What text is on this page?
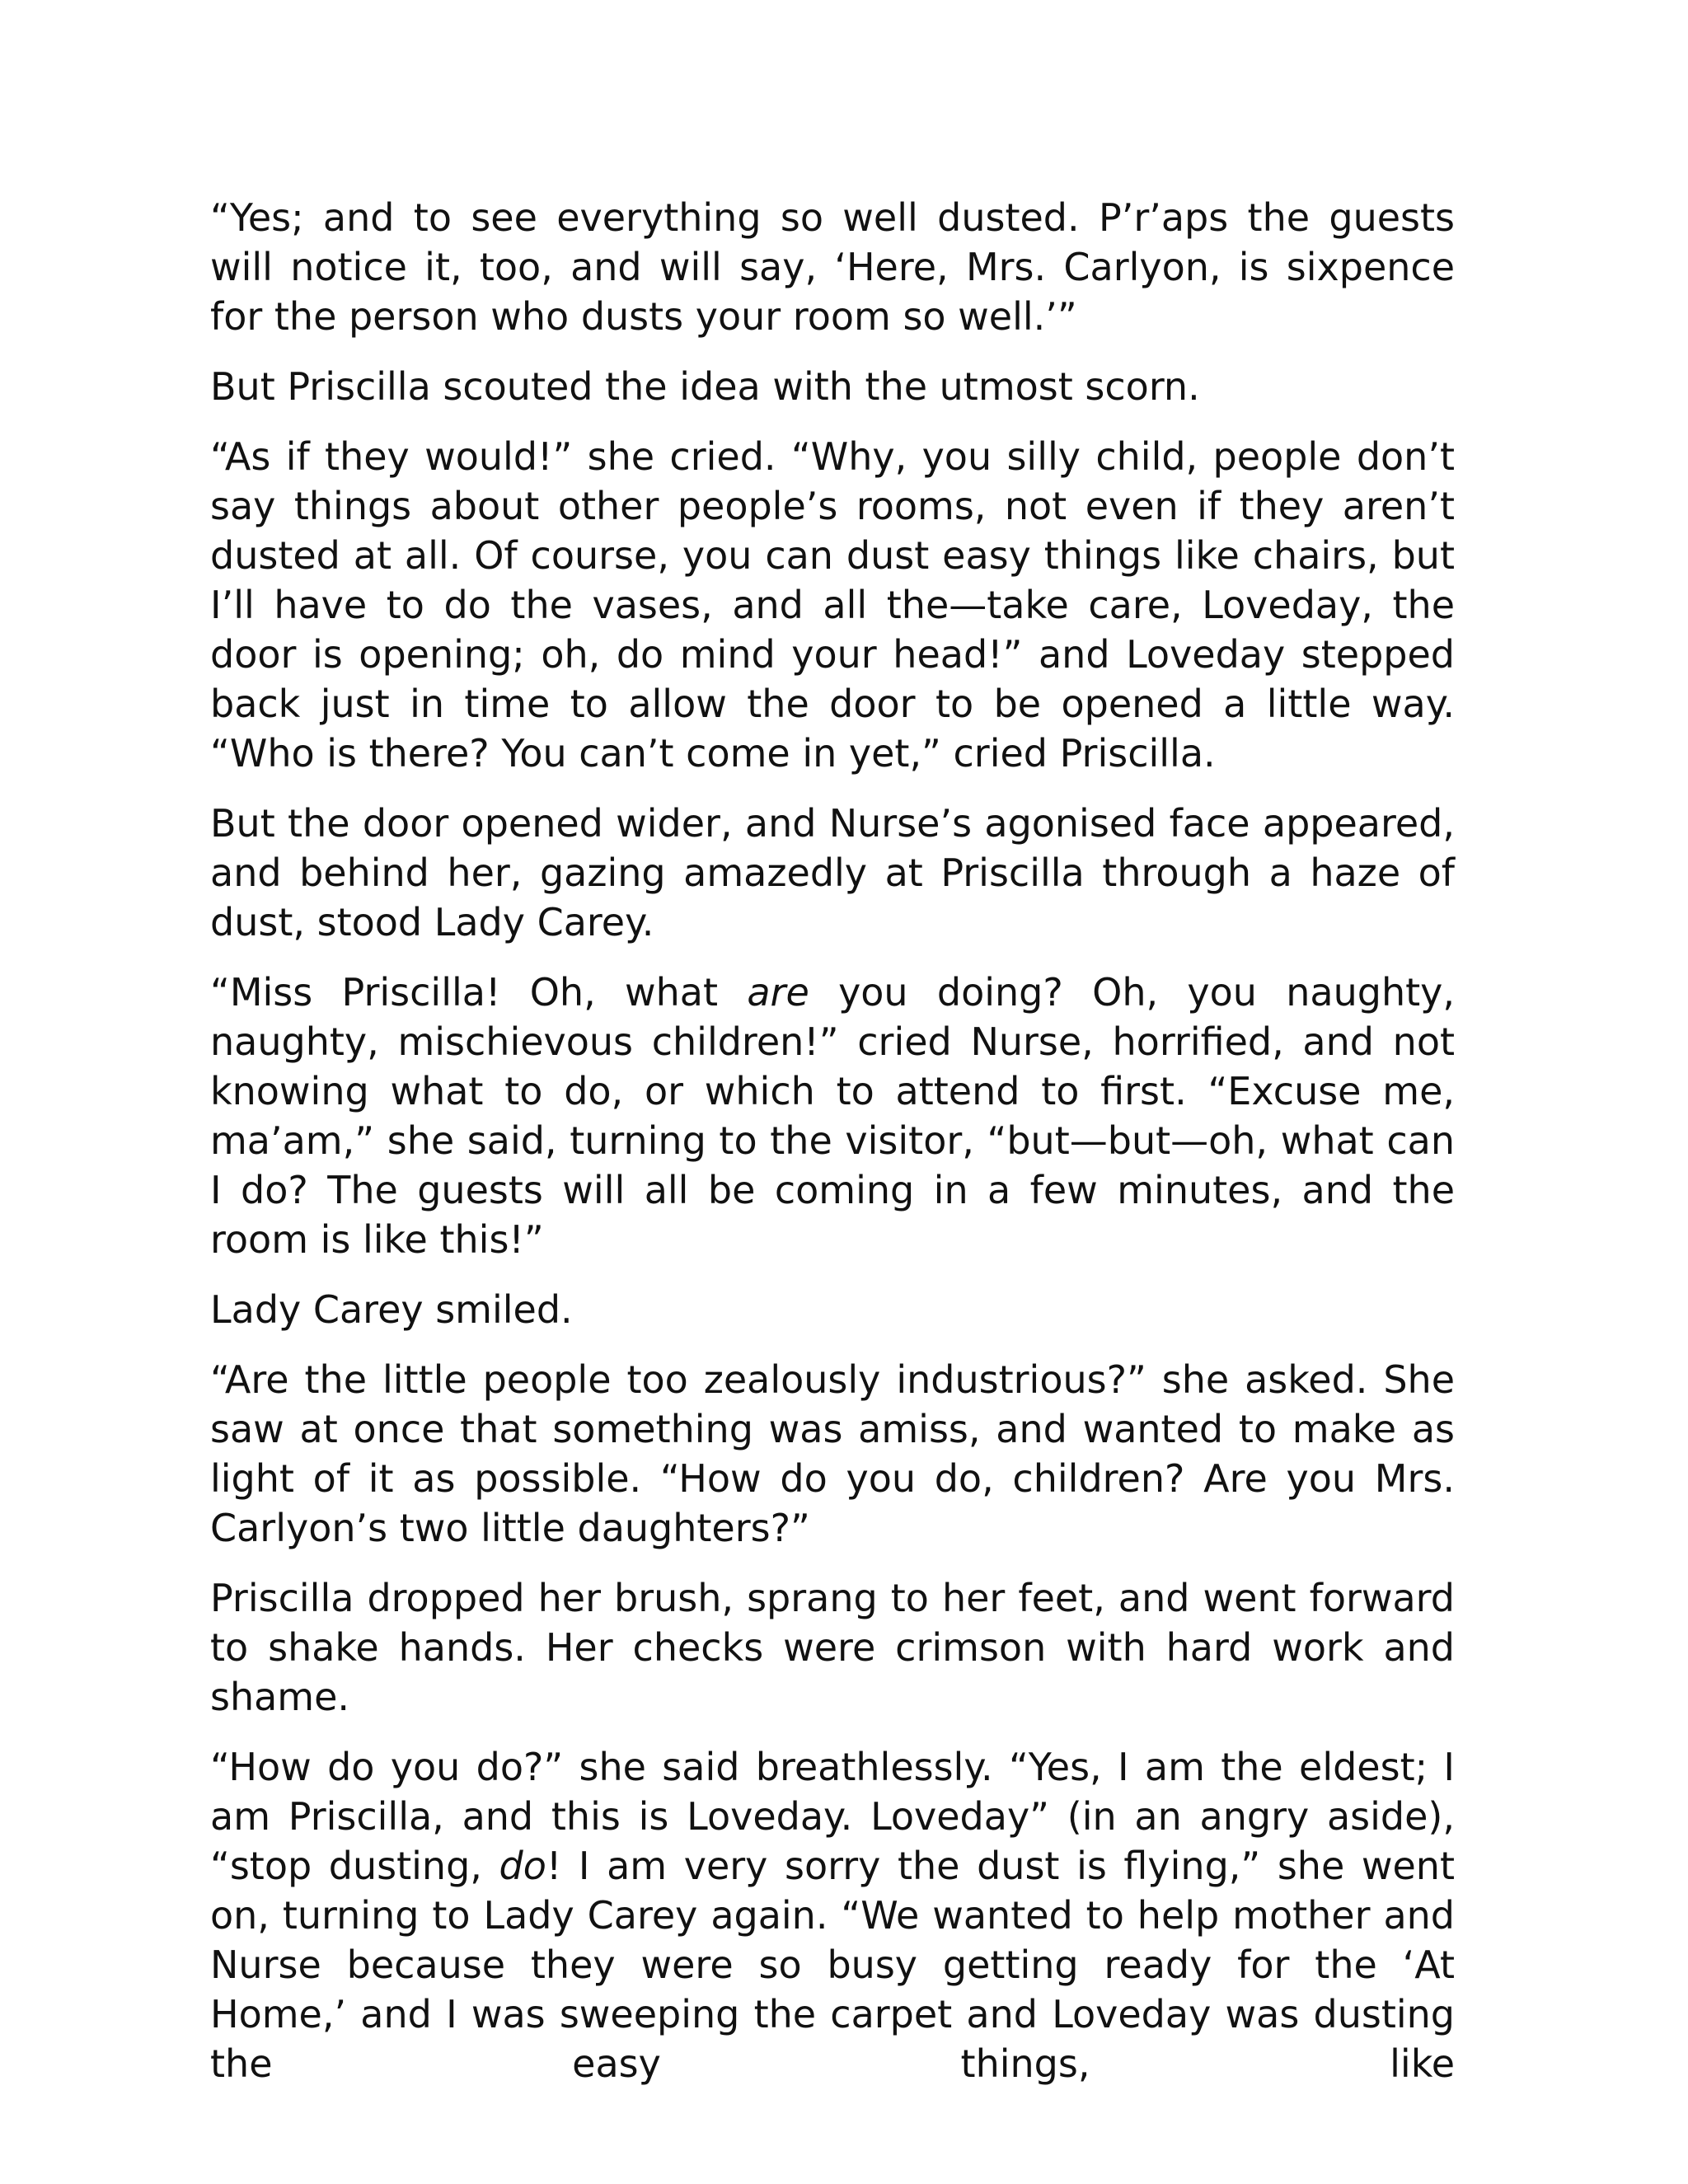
“Yes; and to see everything so well dusted. P’r’aps the guests will notice it, too, and will say, ‘Here, Mrs. Carlyon, is sixpence for the person who dusts your room so well.’”

But Priscilla scouted the idea with the utmost scorn.

“As if they would!” she cried. “Why, you silly child, people don’t say things about other people’s rooms, not even if they aren’t dusted at all. Of course, you can dust easy things like chairs, but I’ll have to do the vases, and all the—take care, Loveday, the door is opening; oh, do mind your head!” and Loveday stepped back just in time to allow the door to be opened a little way. “Who is there? You can’t come in yet,” cried Priscilla.

But the door opened wider, and Nurse’s agonised face appeared, and behind her, gazing amazedly at Priscilla through a haze of dust, stood Lady Carey.

“Miss Priscilla! Oh, what are you doing? Oh, you naughty, naughty, mischievous children!” cried Nurse, horrified, and not knowing what to do, or which to attend to first. “Excuse me, ma’am,” she said, turning to the visitor, “but—but—oh, what can I do? The guests will all be coming in a few minutes, and the room is like this!”

Lady Carey smiled.

“Are the little people too zealously industrious?” she asked. She saw at once that something was amiss, and wanted to make as light of it as possible. “How do you do, children? Are you Mrs. Carlyon’s two little daughters?”

Priscilla dropped her brush, sprang to her feet, and went forward to shake hands. Her checks were crimson with hard work and shame.

“How do you do?” she said breathlessly. “Yes, I am the eldest; I am Priscilla, and this is Loveday. Loveday” (in an angry aside), “stop dusting, do! I am very sorry the dust is flying,” she went on, turning to Lady Carey again. “We wanted to help mother and Nurse because they were so busy getting ready for the ‘At Home,’ and I was sweeping the carpet and Loveday was dusting the easy things, like
